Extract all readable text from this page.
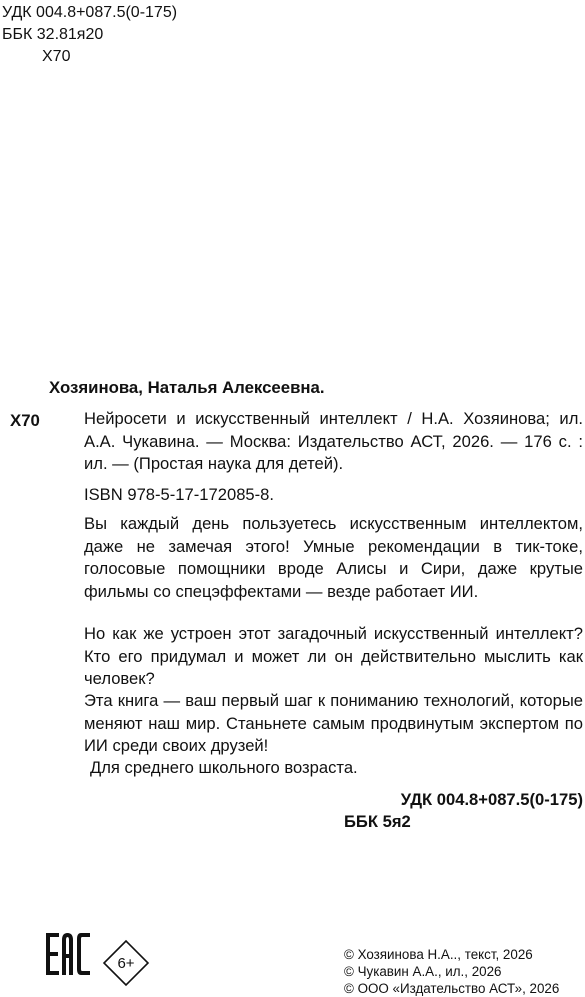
УДК 004.8+087.5(0-175)
ББК 32.81я20
Х70
Хозяинова, Наталья Алексеевна.
Х70	Нейросети и искусственный интеллект / Н.А. Хозяинова; ил. А.А. Чукавина. — Москва: Издательство АСТ, 2026. — 176 с. : ил. — (Простая наука для детей).
ISBN 978-5-17-172085-8.
Вы каждый день пользуетесь искусственным интеллектом, даже не замечая этого! Умные рекомендации в тик-токе, голосовые помощники вроде Алисы и Сири, даже крутые фильмы со спецэффектами — везде работает ИИ.
Но как же устроен этот загадочный искусственный интеллект? Кто его придумал и может ли он действительно мыслить как человек?
Эта книга — ваш первый шаг к пониманию технологий, которые меняют наш мир. Станьнете самым продвинутым экспертом по ИИ среди своих друзей!
Для среднего школьного возраста.
УДК 004.8+087.5(0-175)
ББК 5я2
6+	© Хозяинова Н.А.., текст, 2026
© Чукавин А.А., ил., 2026
© ООО «Издательство АСТ», 2026
